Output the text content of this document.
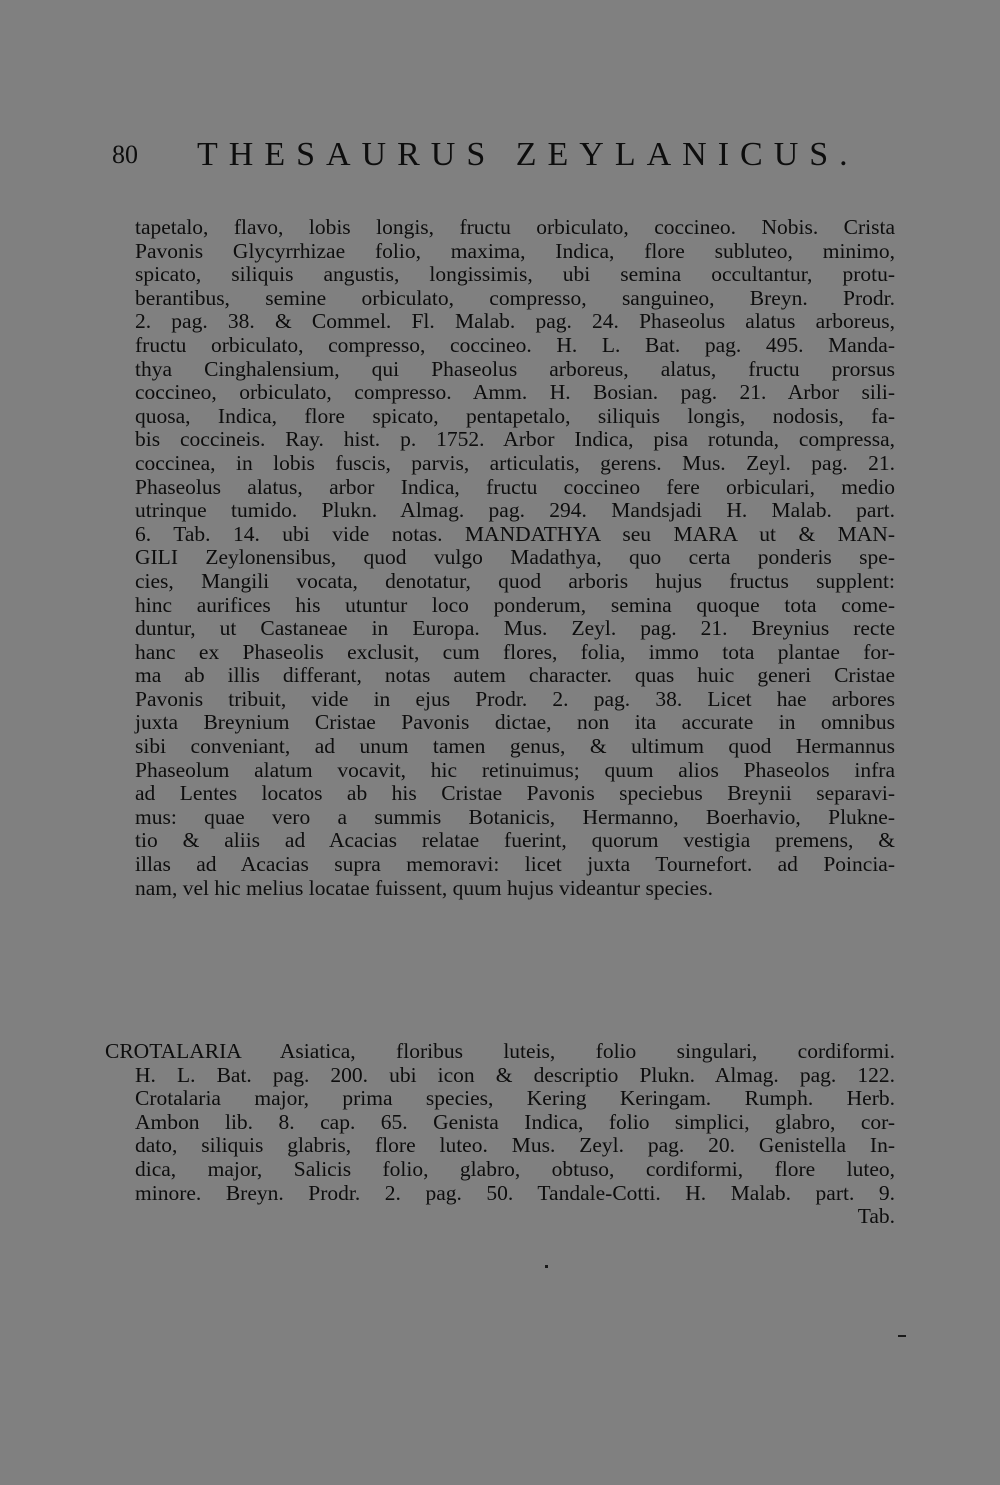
80 THESAURUS ZEYLANICUS.
tapetalo, flavo, lobis longis, fructu orbiculato, coccineo. Nobis. Crista
Pavonis Glycyrrhizae folio, maxima, Indica, flore subluteo, minimo,
spicato, siliquis angustis, longissimis, ubi semina occultantur, protu-
berantibus, semine orbiculato, compresso, sanguineo, Breyn. Prodr.
2. pag. 38. & Commel. Fl. Malab. pag. 24. Phaseolus alatus arboreus,
fructu orbiculato, compresso, coccineo. H. L. Bat. pag. 495. Manda-
thya Cinghalensium, qui Phaseolus arboreus, alatus, fructu prorsus
coccineo, orbiculato, compresso. Amm. H. Bosian. pag. 21. Arbor sili-
quosa, Indica, flore spicato, pentapetalo, siliquis longis, nodosis, fa-
bis coccineis. Ray. hist. p. 1752. Arbor Indica, pisa rotunda, compressa,
coccinea, in lobis fuscis, parvis, articulatis, gerens. Mus. Zeyl. pag. 21.
Phaseolus alatus, arbor Indica, fructu coccineo fere orbiculari, medio
utrinque tumido. Plukn. Almag. pag. 294. Mandsjadi H. Malab. part.
6. Tab. 14. ubi vide notas. MANDATHYA seu MARA ut & MAN-
GILI Zeylonensibus, quod vulgo Madathya, quo certa ponderis spe-
cies, Mangili vocata, denotatur, quod arboris hujus fructus supplent:
hinc aurifices his utuntur loco ponderum, semina quoque tota come-
duntur, ut Castaneae in Europa. Mus. Zeyl. pag. 21. Breynius recte
hanc ex Phaseolis exclusit, cum flores, folia, immo tota plantae for-
ma ab illis differant, notas autem character. quas huic generi Cristae
Pavonis tribuit, vide in ejus Prodr. 2. pag. 38. Licet hae arbores
juxta Breynium Cristae Pavonis dictae, non ita accurate in omnibus
sibi conveniant, ad unum tamen genus, & ultimum quod Hermannus
Phaseolum alatum vocavit, hic retinuimus; quum alios Phaseolos infra
ad Lentes locatos ab his Cristae Pavonis speciebus Breynii separavi-
mus: quae vero a summis Botanicis, Hermanno, Boerhavio, Plukne-
tio & aliis ad Acacias relatae fuerint, quorum vestigia premens, &
illas ad Acacias supra memoravi: licet juxta Tournefort. ad Poincia-
nam, vel hic melius locatae fuissent, quum hujus videantur species.
CROTALARIA Asiatica, floribus luteis, folio singulari, cordiformi.
H. L. Bat. pag. 200. ubi icon & descriptio Plukn. Almag. pag. 122.
Crotalaria major, prima species, Kering Keringam. Rumph. Herb.
Ambon lib. 8. cap. 65. Genista Indica, folio simplici, glabro, cor-
dato, siliquis glabris, flore luteo. Mus. Zeyl. pag. 20. Genistella In-
dica, major, Salicis folio, glabro, obtuso, cordiformi, flore luteo,
minore. Breyn. Prodr. 2. pag. 50. Tandale-Cotti. H. Malab. part. 9.
Tab.
